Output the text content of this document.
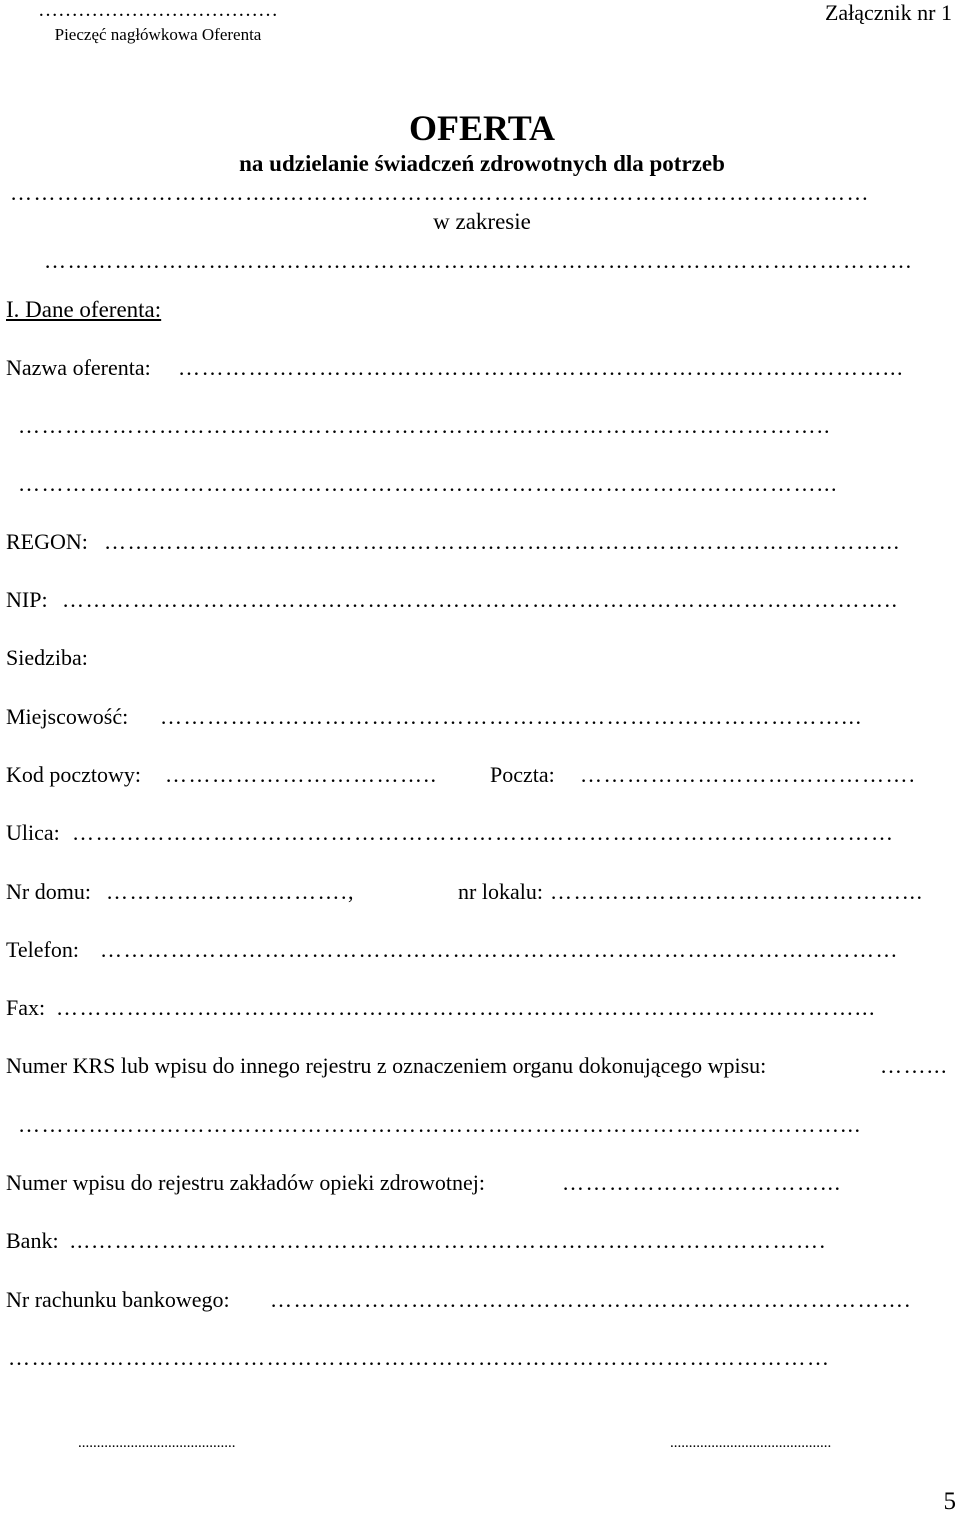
………………………………
Pieczęć nagłówkowa Oferenta
Załącznik nr 1
OFERTA
na udzielanie świadczeń zdrowotnych dla potrzeb
……………………………..…………………………………………………………………
w zakresie
…………………………………………………………………………………………………
I. Dane oferenta:
Nazwa oferenta: ………………………………………………………………………………...
…………………………………………………………………………………………..
…………………………………………………………………………………………...
REGON: ………………………………………………………………………………………...
NIP: ……………………………………………………………………………………………..
Siedziba:
Miejscowość: ……………………………………………………………………………...
Kod pocztowy: ……………………………..	Poczta: …………………………………….
Ulica: ……………………………………………………………………………………………
Nr domu: ………………………….,	nr lokalu: ………………………………………...
Telefon: …………………………………………………………………………………………
Fax: …………………………………………………………………………………………...
Numer KRS lub wpisu do innego rejestru z oznaczeniem organu dokonującego wpisu:	……...
……………………………………………………………………………………………...
Numer wpisu do rejestru zakładów opieki zdrowotnej:	……………………………...
Bank: ...………………………………………………………………………………….
Nr rachunku bankowego: ……………………………………………………………………….
……………………………………………………………………………………………
..........................................	...........................................
5
